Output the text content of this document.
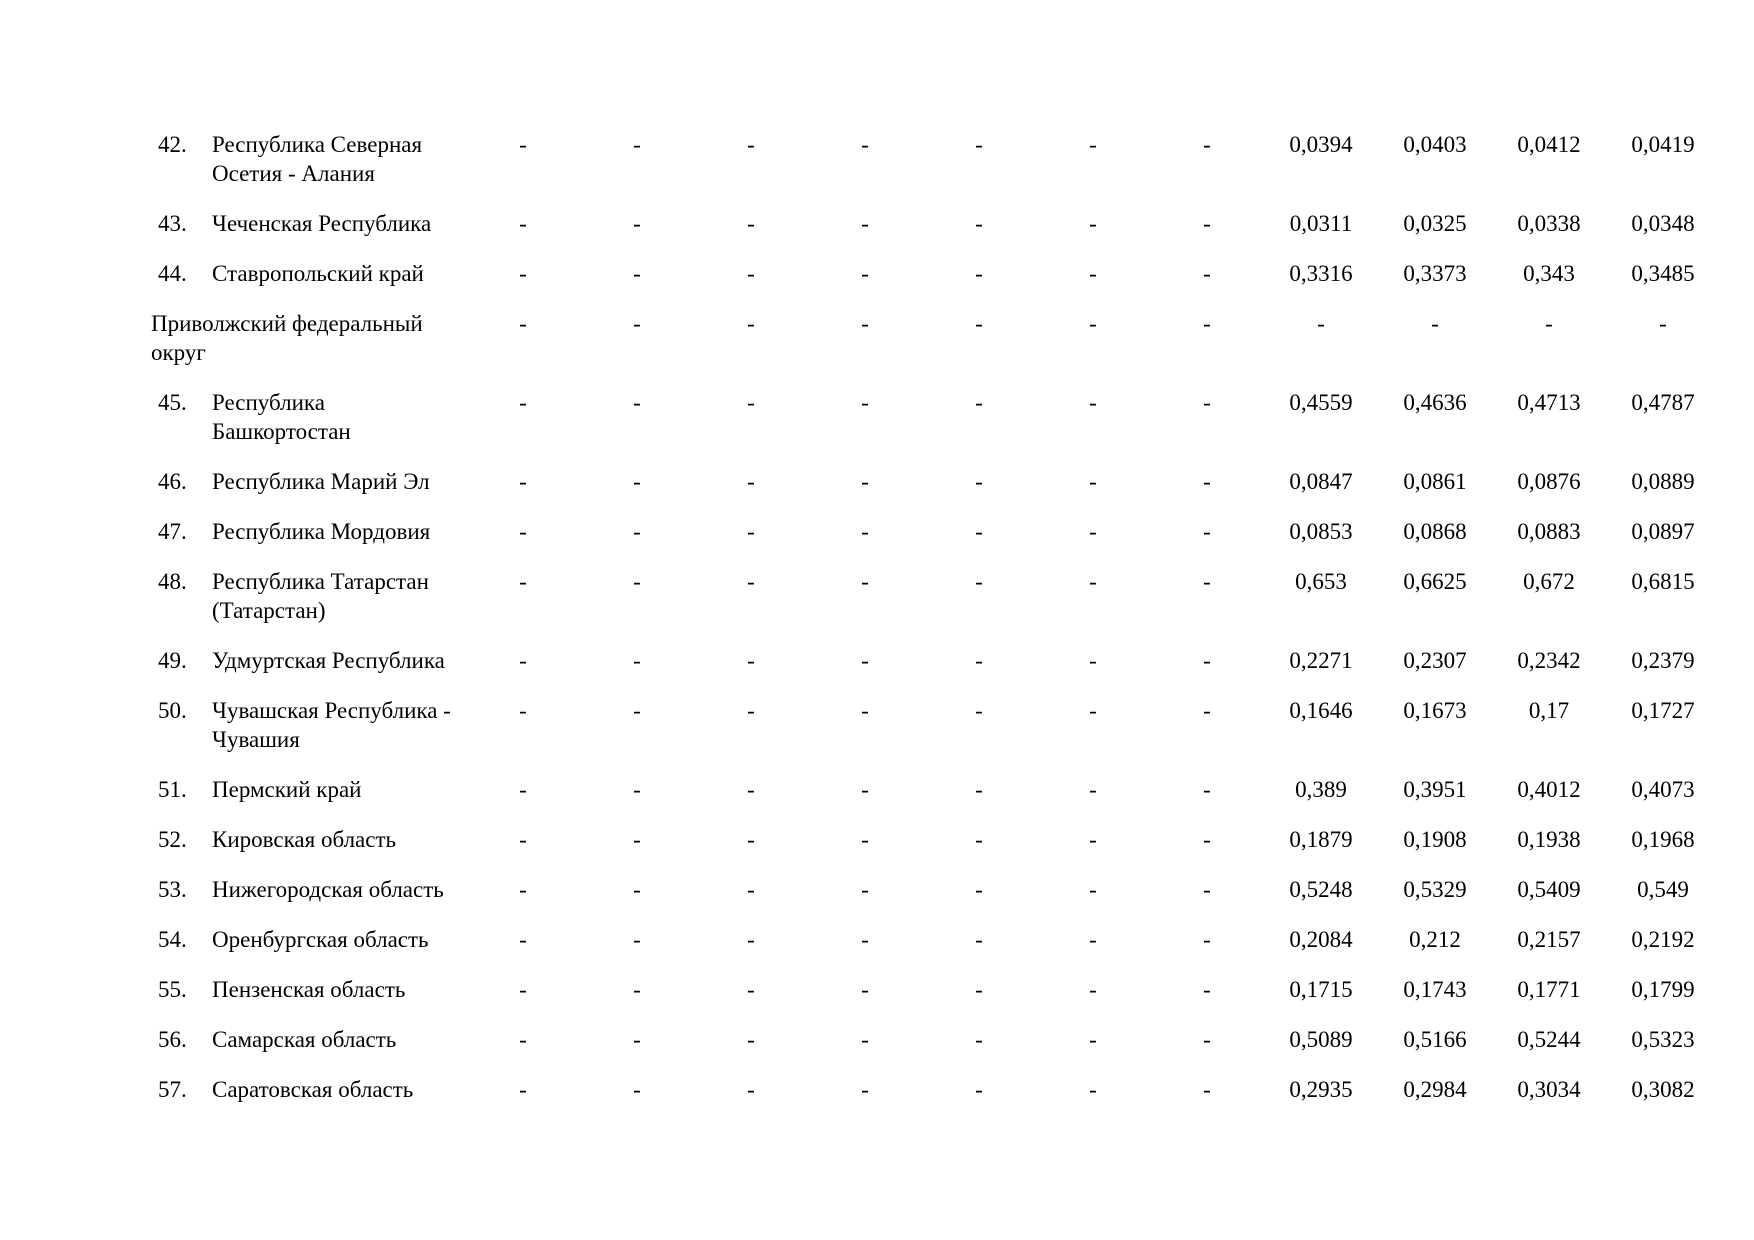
42.	Республика Северная Осетия - Алания	-	-	-	-	-	-	-	0,0394	0,0403	0,0412	0,0419
43.	Чеченская Республика	-	-	-	-	-	-	-	0,0311	0,0325	0,0338	0,0348
44.	Ставропольский край	-	-	-	-	-	-	-	0,3316	0,3373	0,343	0,3485
Приволжский федеральный округ		-	-	-	-	-	-	-	-	-	-	-
45.	Республика Башкортостан	-	-	-	-	-	-	-	0,4559	0,4636	0,4713	0,4787
46.	Республика Марий Эл	-	-	-	-	-	-	-	0,0847	0,0861	0,0876	0,0889
47.	Республика Мордовия	-	-	-	-	-	-	-	0,0853	0,0868	0,0883	0,0897
48.	Республика Татарстан (Татарстан)	-	-	-	-	-	-	-	0,653	0,6625	0,672	0,6815
49.	Удмуртская Республика	-	-	-	-	-	-	-	0,2271	0,2307	0,2342	0,2379
50.	Чувашская Республика - Чувашия	-	-	-	-	-	-	-	0,1646	0,1673	0,17	0,1727
51.	Пермский край	-	-	-	-	-	-	-	0,389	0,3951	0,4012	0,4073
52.	Кировская область	-	-	-	-	-	-	-	0,1879	0,1908	0,1938	0,1968
53.	Нижегородская область	-	-	-	-	-	-	-	0,5248	0,5329	0,5409	0,549
54.	Оренбургская область	-	-	-	-	-	-	-	0,2084	0,212	0,2157	0,2192
55.	Пензенская область	-	-	-	-	-	-	-	0,1715	0,1743	0,1771	0,1799
56.	Самарская область	-	-	-	-	-	-	-	0,5089	0,5166	0,5244	0,5323
57.	Саратовская область	-	-	-	-	-	-	-	0,2935	0,2984	0,3034	0,3082
